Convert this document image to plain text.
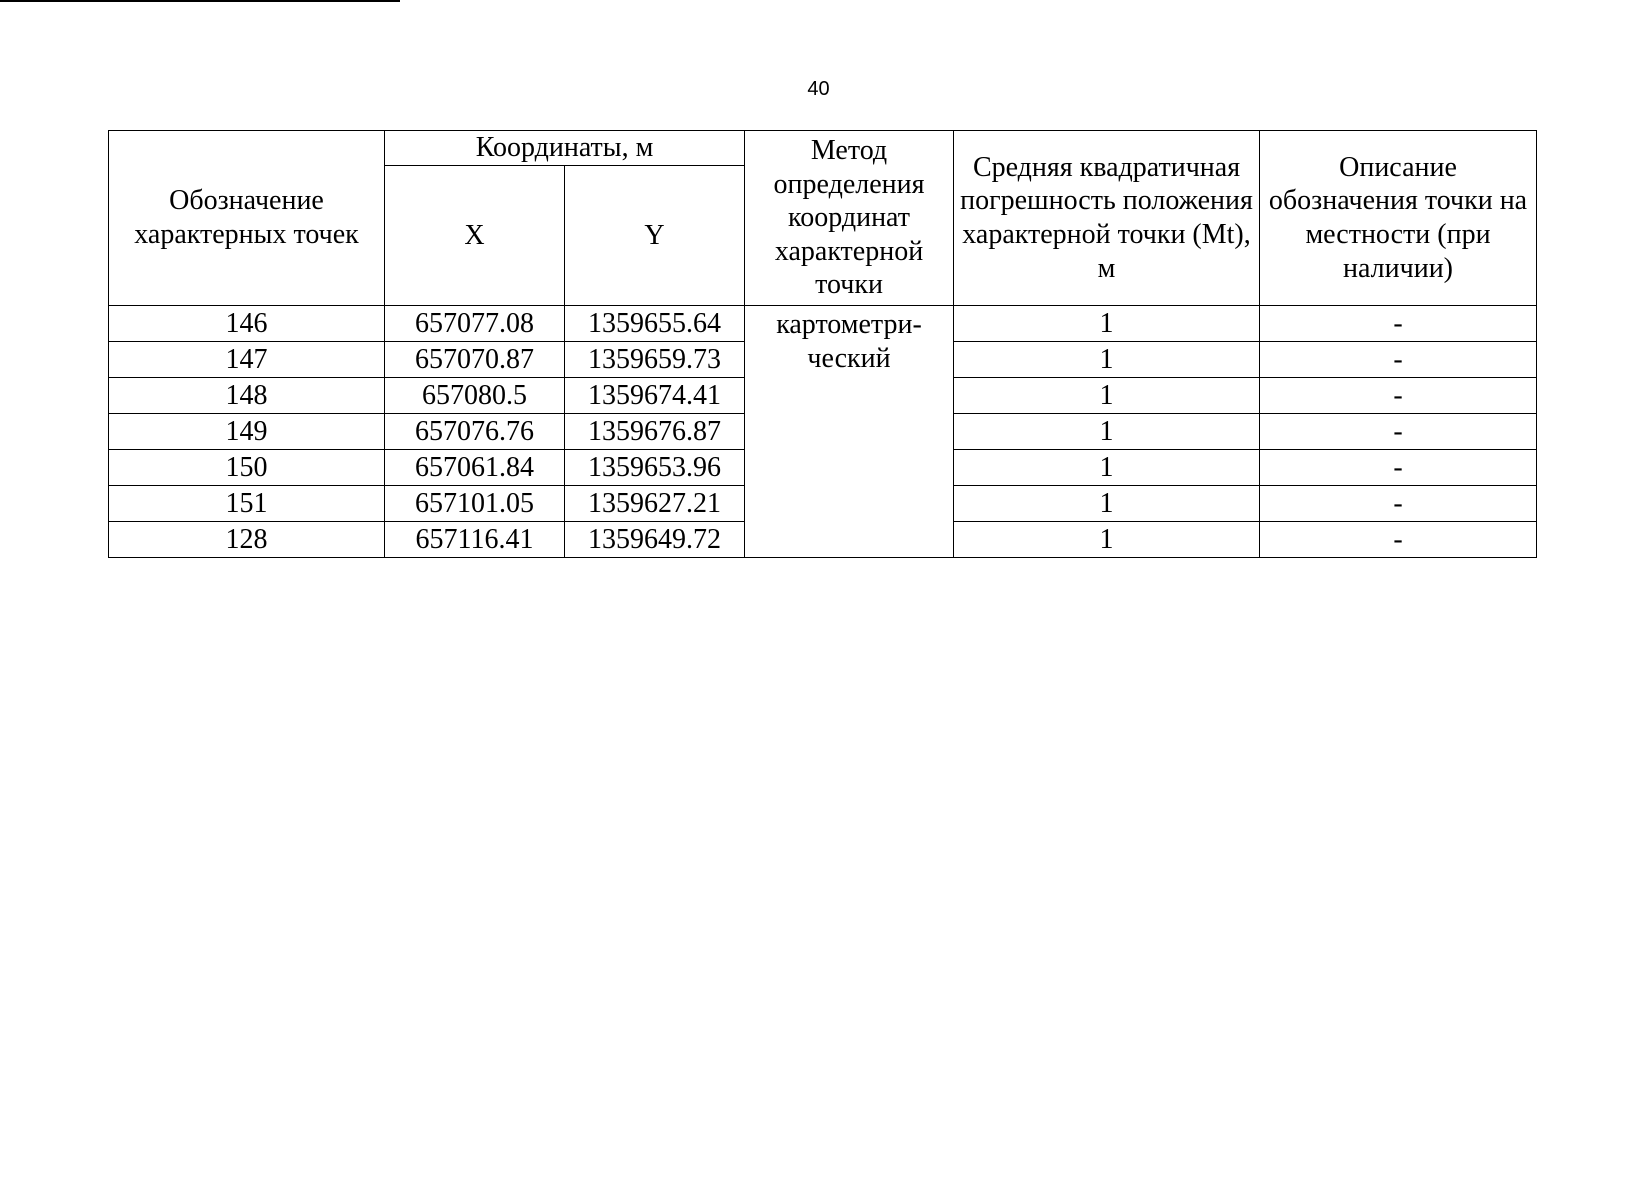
40
Обозначение характерных точек	Координаты, м		Метод определения координат характерной точки	Средняя квадратичная погрешность положения характерной точки (Mt), м	Описание обозначения точки на местности (при наличии)
	X	Y			
146	657077.08	1359655.64	картометри-ческий	1	-
147	657070.87	1359659.73		1	-
148	657080.5	1359674.41		1	-
149	657076.76	1359676.87		1	-
150	657061.84	1359653.96		1	-
151	657101.05	1359627.21		1	-
128	657116.41	1359649.72		1	-
